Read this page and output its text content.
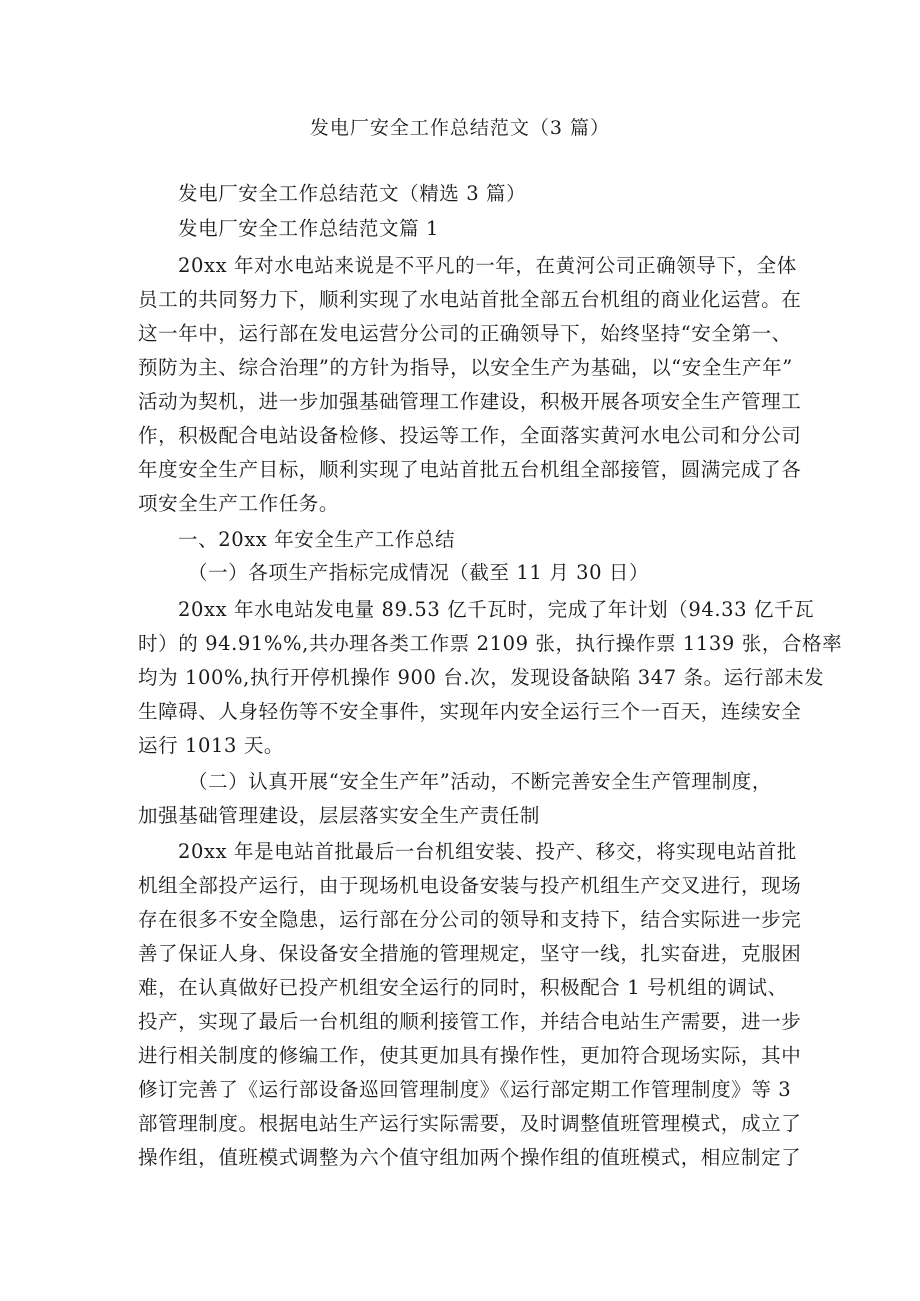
发电厂安全工作总结范文（3 篇）
发电厂安全工作总结范文（精选 3 篇）
发电厂安全工作总结范文篇 1
20xx 年对水电站来说是不平凡的一年，在黄河公司正确领导下，全体
员工的共同努力下，顺利实现了水电站首批全部五台机组的商业化运营。在
这一年中，运行部在发电运营分公司的正确领导下，始终坚持“安全第一、
预防为主、综合治理”的方针为指导，以安全生产为基础，以“安全生产年”
活动为契机，进一步加强基础管理工作建设，积极开展各项安全生产管理工
作，积极配合电站设备检修、投运等工作，全面落实黄河水电公司和分公司
年度安全生产目标，顺利实现了电站首批五台机组全部接管，圆满完成了各
项安全生产工作任务。
一、20xx 年安全生产工作总结
（一）各项生产指标完成情况（截至 11 月 30 日）
20xx 年水电站发电量 89.53 亿千瓦时，完成了年计划（94.33 亿千瓦
时）的 94.91%%,共办理各类工作票 2109 张，执行操作票 1139 张，合格率
均为 100%,执行开停机操作 900 台.次，发现设备缺陷 347 条。运行部未发
生障碍、人身轻伤等不安全事件，实现年内安全运行三个一百天，连续安全
运行 1013 天。
（二）认真开展“安全生产年”活动，不断完善安全生产管理制度，
加强基础管理建设，层层落实安全生产责任制
20xx 年是电站首批最后一台机组安装、投产、移交，将实现电站首批
机组全部投产运行，由于现场机电设备安装与投产机组生产交叉进行，现场
存在很多不安全隐患，运行部在分公司的领导和支持下，结合实际进一步完
善了保证人身、保设备安全措施的管理规定，坚守一线，扎实奋进，克服困
难，在认真做好已投产机组安全运行的同时，积极配合 1 号机组的调试、
投产，实现了最后一台机组的顺利接管工作，并结合电站生产需要，进一步
进行相关制度的修编工作，使其更加具有操作性，更加符合现场实际，其中
修订完善了《运行部设备巡回管理制度》《运行部定期工作管理制度》等 3
部管理制度。根据电站生产运行实际需要，及时调整值班管理模式，成立了
操作组，值班模式调整为六个值守组加两个操作组的值班模式，相应制定了
